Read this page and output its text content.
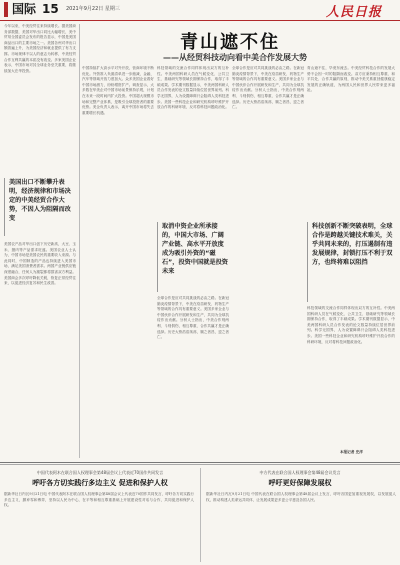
国际 15	2021年9月22日 星期三	人民日报
青山遮不住
——从经贸科技动向看中美合作发展大势
今年以来，中美经贸往来持续增长。据美国商务部数据，美国对华出口同比大幅增长，美中贸易全国委员会发布的报告显示，中国是美国商品出口的主要市场之一。美国各州对华出口额普遍上升，为美国经济和就业提供了有力支撑。市场规律不以人的意志为转移，中美经贸合作互利共赢的本质没有改变。多家美国企业表示，中国市场对其全球业务至关重要，将继续加大在华投资。
美国出口不断攀升表明，经济规律和市场决定的中美经贸合作大势，不因人为阻隔而改变
美国农产品对华出口创下历史新高，大豆、玉米、猪肉等产品需求旺盛。美国农业人士认为，中国市场是美国农民的重要收入来源。与此同时，中国制造的产品也持续进入美国市场，满足美国消费者需求。两国产业链供应链深度融合，任何人为割裂都将损害双方利益。美国商会多次呼吁降低关税，恢复正常经贸往来，以促进经济复苏和民生改善。
中国持续扩大高水平对外开放，营商环境不断优化。外资准入负面清单进一步缩减，金融、汽车等领域开放力度加大。众多美国企业看好中国市场潜力，纷纷增资扩产。调查显示，大多数在华美企对中国市场前景保持乐观，计划在未来一段时间内扩大投资。中国超大规模市场和完整产业体系，是吸引全球投资者的重要优势。美企负责人表示，离开中国市场将失去重要增长机遇。
科技领域的交流合作同样体现出双方的互补性。中美两国科研人员在气候变化、公共卫生、基础研究等领域长期保持合作，取得了丰硕成果。学术期刊数据显示，中美两国科研人员合作发表的论文数量持续位居世界前列。科学无国界，人为设置障碍只会阻碍人类科技进步。美国一些科技企业和研究机构呼吁维护开放合作的科研环境，反对将科技问题政治化。
取消中资企业所承接的，中国大市场、广阔产业链、高水平开放度成为吸引外资的“磁石”，投资中国就是投资未来
全球合作是应对共同挑战的必由之路。在新冠肺炎疫情背景下，中美在疫苗研发、药物生产等领域的合作具有重要意义。美国多家企业与中国伙伴合作开展研发和生产，共同为全球抗疫作出贡献。分析人士指出，中美合作则两利、斗则俱伤，相互尊重、合作共赢才是正确选择。历史大势浩浩荡荡，顺之者昌，逆之者亡。
全球合作是应对共同挑战的必由之路。在新冠肺炎疫情背景下，中美在疫苗研发、药物生产等领域的合作具有重要意义。美国多家企业与中国伙伴合作开展研发和生产，共同为全球抗疫作出贡献。分析人士指出，中美合作则两利、斗则俱伤，相互尊重、合作共赢才是正确选择。历史大势浩浩荡荡，顺之者昌，逆之者亡。
青山遮不住，毕竟东流去。中美经贸科技合作的发展大势不会因一时的阻隔而改变。双方应秉持相互尊重、和平共处、合作共赢的原则，推动中美关系重回健康稳定发展的正确轨道，为两国人民和世界人民带来更多福祉。
科技创新不断突破表明，全球合作是跨越关键技术难关，关乎共同未来的，打压遏制有违发展规律，封锁打压不利于双方，也终将难以阻挡
科技领域的交流合作同样体现出双方的互补性。中美两国科研人员在气候变化、公共卫生、基础研究等领域长期保持合作，取得了丰硕成果。学术期刊数据显示，中美两国科研人员合作发表的论文数量持续位居世界前列。科学无国界，人为设置障碍只会阻碍人类科技进步。美国一些科技企业和研究机构呼吁维护开放合作的科研环境，反对将科技问题政治化。
本报记者 史洋
中国代表阿木在联合国人权理事会第48届会议上代表近70国作共同发言
呼吁各方切实践行多边主义 促进和保护人权
据新华社日内瓦9月21日电 中国代表阿木在联合国人权理事会第48届会议上代表近70国作共同发言，呼吁各方切实践行多边主义，摒弃零和博弈，坚持以人民为中心，在平等和相互尊重基础上开展建设性对话与合作，共同促进和保护人权。
中方代表在联合国人权理事会第48届会议发言
呼吁更好保障发展权
据新华社日内瓦9月21日电 中国代表在联合国人权理事会第48届会议上发言，呼吁各国更加重视发展权，以发展促人权，推动构建人类命运共同体，让发展成果更多更公平惠及各国人民。
